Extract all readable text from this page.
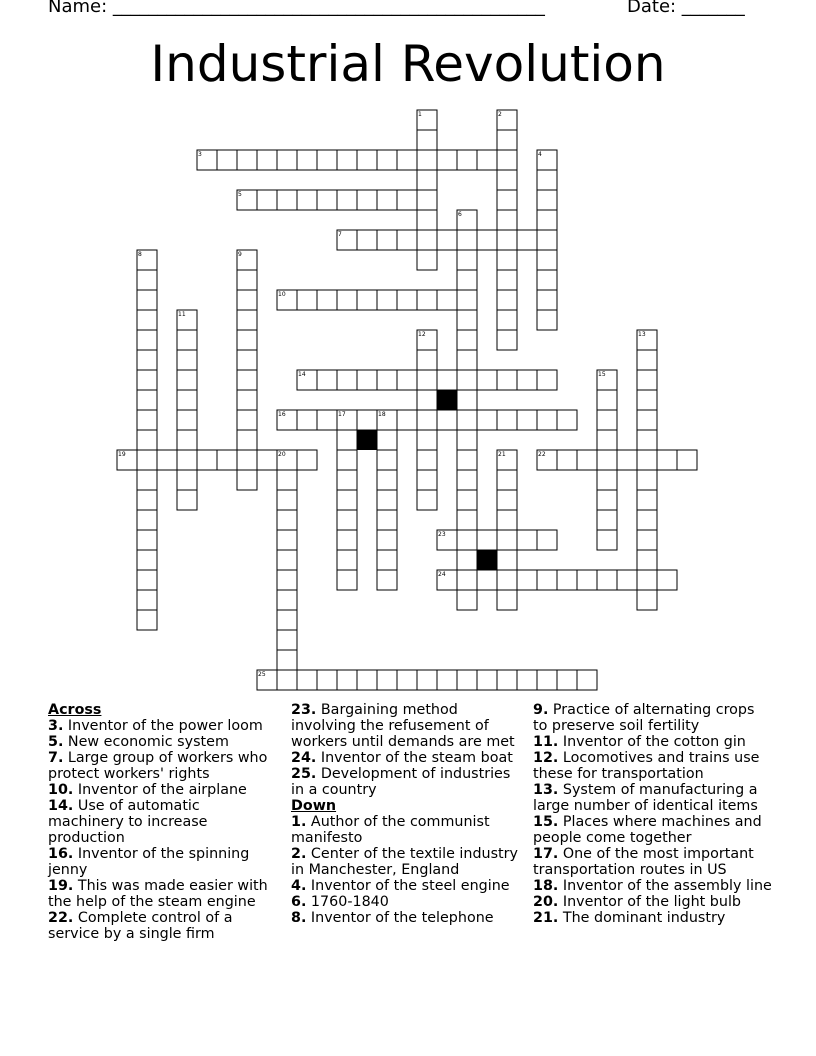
Name: ________________________________________________	Date: _______
Industrial Revolution
1	2
3	4
5
6
7
8	9
10
11
12	13
14	15
16	17	18
19	20	21	22
23
24
25
Across
3. Inventor of the power loom
5. New economic system
7. Large group of workers who protect workers' rights
10. Inventor of the airplane
14. Use of automatic machinery to increase production
16. Inventor of the spinning jenny
19. This was made easier with the help of the steam engine
22. Complete control of a service by a single firm
23. Bargaining method involving the refusement of workers until demands are met
24. Inventor of the steam boat
25. Development of industries in a country
Down
1. Author of the communist manifesto
2. Center of the textile industry in Manchester, England
4. Inventor of the steel engine
6. 1760-1840
8. Inventor of the telephone
9. Practice of alternating crops to preserve soil fertility
11. Inventor of the cotton gin
12. Locomotives and trains use these for transportation
13. System of manufacturing a large number of identical items
15. Places where machines and people come together
17. One of the most important transportation routes in US
18. Inventor of the assembly line
20. Inventor of the light bulb
21. The dominant industry
